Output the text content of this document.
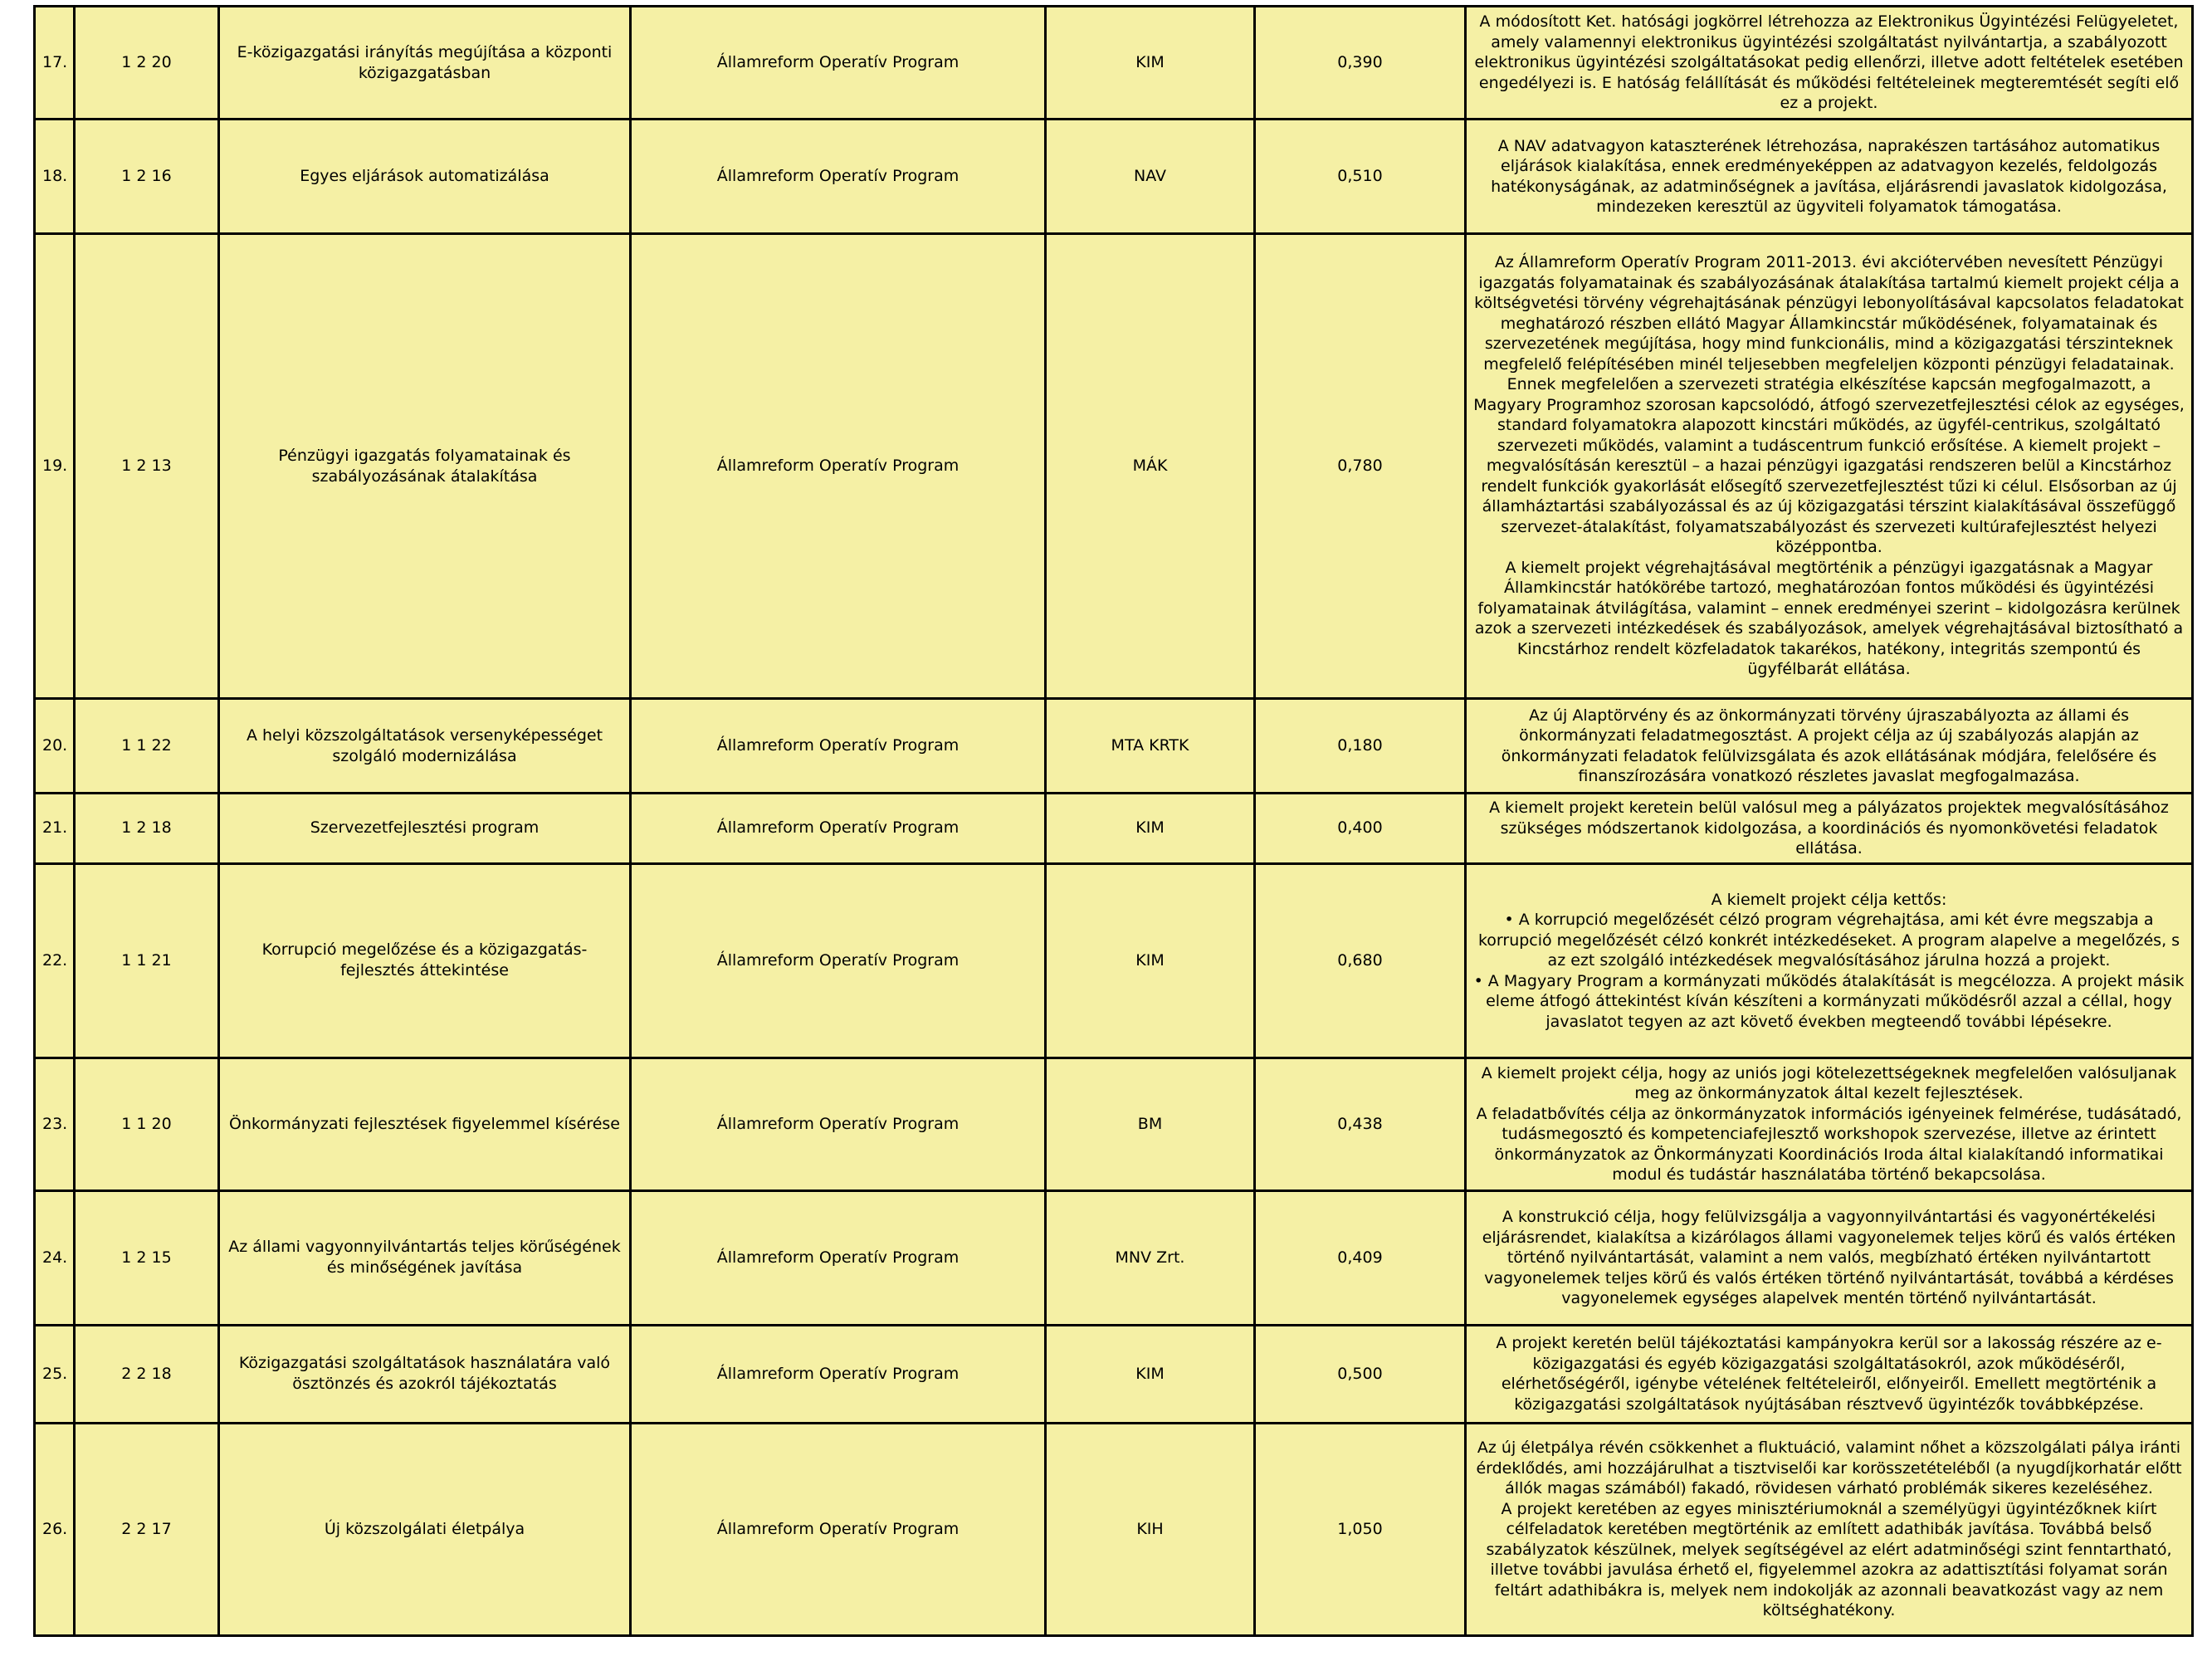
17.	1 2 20	E-közigazgatási irányítás megújítása a központi közigazgatásban	Államreform Operatív Program	KIM	0,390	A módosított Ket. hatósági jogkörrel létrehozza az Elektronikus Ügyintézési Felügyeletet, amely valamennyi elektronikus ügyintézési szolgáltatást nyilvántartja, a szabályozott elektronikus ügyintézési szolgáltatásokat pedig ellenőrzi, illetve adott feltételek esetében engedélyezi is. E hatóság felállítását és működési feltételeinek megteremtését segíti elő ez a projekt.

18.	1 2 16	Egyes eljárások automatizálása	Államreform Operatív Program	NAV	0,510	A NAV adatvagyon kataszterének létrehozása, naprakészen tartásához automatikus eljárások kialakítása, ennek eredményeképpen az adatvagyon kezelés, feldolgozás hatékonyságának, az adatminőségnek a javítása, eljárásrendi javaslatok kidolgozása, mindezeken keresztül az ügyviteli folyamatok támogatása.

19.	1 2 13	Pénzügyi igazgatás folyamatainak és szabályozásának átalakítása	Államreform Operatív Program	MÁK	0,780	Az Államreform Operatív Program 2011-2013. évi akciótervében nevesített Pénzügyi igazgatás folyamatainak és szabályozásának átalakítása tartalmú kiemelt projekt célja a költségvetési törvény végrehajtásának pénzügyi lebonyolításával kapcsolatos feladatokat meghatározó részben ellátó Magyar Államkincstár működésének, folyamatainak és szervezetének megújítása, hogy mind funkcionális, mind a közigazgatási térszinteknek megfelelő felépítésében minél teljesebben megfeleljen központi pénzügyi feladatainak. Ennek megfelelően a szervezeti stratégia elkészítése kapcsán megfogalmazott, a Magyary Programhoz szorosan kapcsolódó, átfogó szervezetfejlesztési célok az egységes, standard folyamatokra alapozott kincstári működés, az ügyfél-centrikus, szolgáltató szervezeti működés, valamint a tudáscentrum funkció erősítése. A kiemelt projekt – megvalósításán keresztül – a hazai pénzügyi igazgatási rendszeren belül a Kincstárhoz rendelt funkciók gyakorlását elősegítő szervezetfejlesztést tűzi ki célul. Elsősorban az új államháztartási szabályozással és az új közigazgatási térszint kialakításával összefüggő szervezet-átalakítást, folyamatszabályozást és szervezeti kultúrafejlesztést helyezi középpontba.
A kiemelt projekt végrehajtásával megtörténik a pénzügyi igazgatásnak a Magyar Államkincstár hatókörébe tartozó, meghatározóan fontos működési és ügyintézési folyamatainak átvilágítása, valamint – ennek eredményei szerint – kidolgozásra kerülnek azok a szervezeti intézkedések és szabályozások, amelyek végrehajtásával biztosítható a Kincstárhoz rendelt közfeladatok takarékos, hatékony, integritás szempontú és ügyfélbarát ellátása.

20.	1 1 22	A helyi közszolgáltatások versenyképességet szolgáló modernizálása	Államreform Operatív Program	MTA KRTK	0,180	Az új Alaptörvény és az önkormányzati törvény újraszabályozta az állami és önkormányzati feladatmegosztást. A projekt célja az új szabályozás alapján az önkormányzati feladatok felülvizsgálata és azok ellátásának módjára, felelősére és finanszírozására vonatkozó részletes javaslat megfogalmazása.

21.	1 2 18	Szervezetfejlesztési program	Államreform Operatív Program	KIM	0,400	A kiemelt projekt keretein belül valósul meg a pályázatos projektek megvalósításához szükséges módszertanok kidolgozása, a koordinációs és nyomonkövetési feladatok ellátása.

22.	1 1 21	Korrupció megelőzése és a közigazgatás-fejlesztés áttekintése	Államreform Operatív Program	KIM	0,680	A kiemelt projekt célja kettős:
• A korrupció megelőzését célzó program végrehajtása, ami két évre megszabja a korrupció megelőzését célzó konkrét intézkedéseket. A program alapelve a megelőzés, s az ezt szolgáló intézkedések megvalósításához járulna hozzá a projekt.
• A Magyary Program a kormányzati működés átalakítását is megcélozza. A projekt másik eleme átfogó áttekintést kíván készíteni a kormányzati működésről azzal a céllal, hogy javaslatot tegyen az azt követő években megteendő további lépésekre.

23.	1 1 20	Önkormányzati fejlesztések figyelemmel kísérése	Államreform Operatív Program	BM	0,438	A kiemelt projekt célja, hogy az uniós jogi kötelezettségeknek megfelelően valósuljanak meg az önkormányzatok által kezelt fejlesztések.
A feladatbővítés célja az önkormányzatok információs igényeinek felmérése, tudásátadó, tudásmegosztó és kompetenciafejlesztő workshopok szervezése, illetve az érintett önkormányzatok az Önkormányzati Koordinációs Iroda által kialakítandó informatikai modul és tudástár használatába történő bekapcsolása.

24.	1 2 15	Az állami vagyonnyilvántartás teljes körűségének és minőségének javítása	Államreform Operatív Program	MNV Zrt.	0,409	A konstrukció célja, hogy felülvizsgálja a vagyonnyilvántartási és vagyonértékelési eljárásrendet, kialakítsa a kizárólagos állami vagyonelemek teljes körű és valós értéken történő nyilvántartását, valamint a nem valós, megbízható értéken nyilvántartott vagyonelemek teljes körű és valós értéken történő nyilvántartását, továbbá a kérdéses vagyonelemek egységes alapelvek mentén történő nyilvántartását.

25.	2 2 18	Közigazgatási szolgáltatások használatára való ösztönzés és azokról tájékoztatás	Államreform Operatív Program	KIM	0,500	A projekt keretén belül tájékoztatási kampányokra kerül sor a lakosság részére az e-közigazgatási és egyéb közigazgatási szolgáltatásokról, azok működéséről, elérhetőségéről, igénybe vételének feltételeiről, előnyeiről. Emellett megtörténik a közigazgatási szolgáltatások nyújtásában résztvevő ügyintézők továbbképzése.

26.	2 2 17	Új közszolgálati életpálya	Államreform Operatív Program	KIH	1,050	Az új életpálya révén csökkenhet a fluktuáció, valamint nőhet a közszolgálati pálya iránti érdeklődés, ami hozzájárulhat a tisztviselői kar korösszetételéből (a nyugdíjkorhatár előtt állók magas számából) fakadó, rövidesen várható problémák sikeres kezeléséhez.
A projekt keretében az egyes minisztériumoknál a személyügyi ügyintézőknek kiírt célfeladatok keretében megtörténik az említett adathibák javítása. Továbbá belső szabályzatok készülnek, melyek segítségével az elért adatminőségi szint fenntartható, illetve további javulása érhető el, figyelemmel azokra az adattisztítási folyamat során feltárt adathibákra is, melyek nem indokolják az azonnali beavatkozást vagy az nem költséghatékony.
